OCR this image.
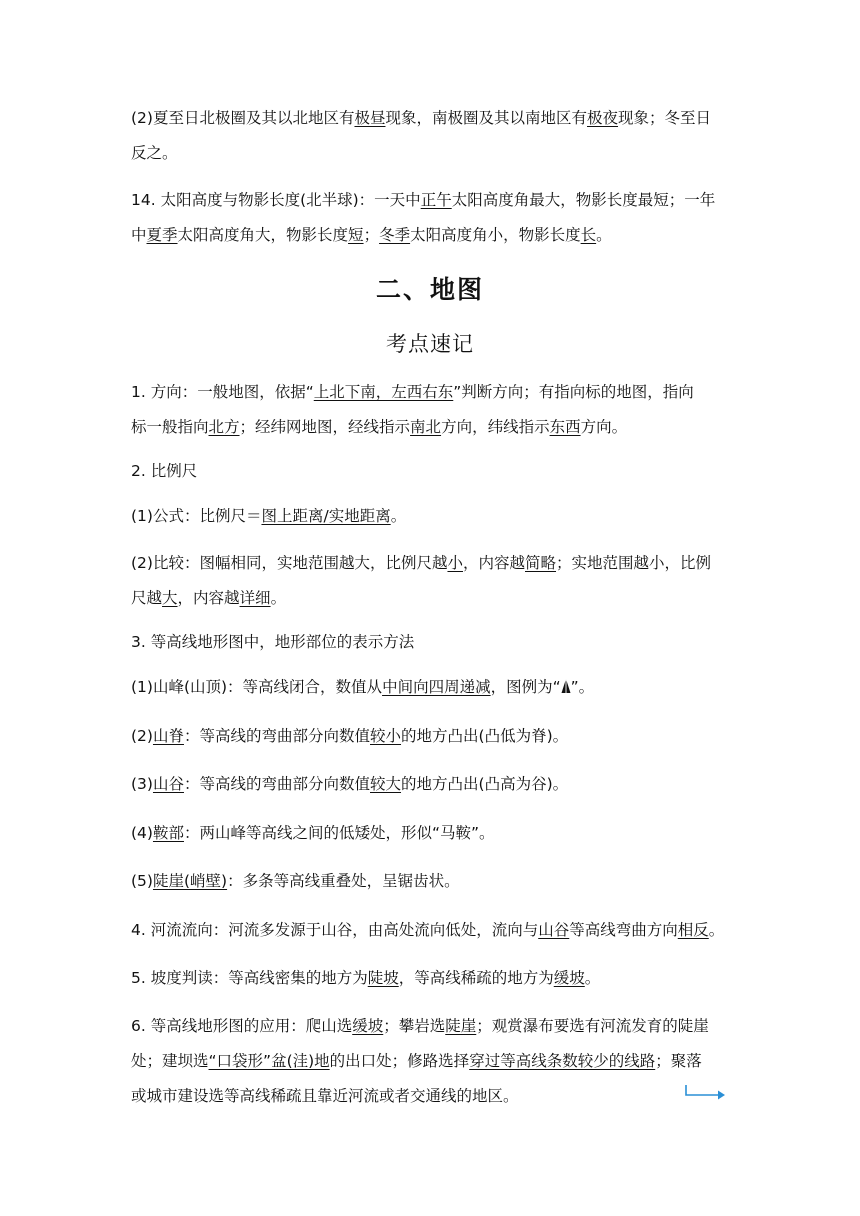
(2)夏至日北极圈及其以北地区有极昼现象，南极圈及其以南地区有极夜现象；冬至日
反之。
14. 太阳高度与物影长度(北半球)：一天中正午太阳高度角最大，物影长度最短；一年
中夏季太阳高度角大，物影长度短；冬季太阳高度角小，物影长度长。
二、地图
考点速记
1. 方向：一般地图，依据“上北下南，左西右东”判断方向；有指向标的地图，指向
标一般指向北方；经纬网地图，经线指示南北方向，纬线指示东西方向。
2. 比例尺
(1)公式：比例尺＝图上距离/实地距离。
(2)比较：图幅相同，实地范围越大，比例尺越小，内容越简略；实地范围越小，比例
尺越大，内容越详细。
3. 等高线地形图中，地形部位的表示方法
(1)山峰(山顶)：等高线闭合，数值从中间向四周递减，图例为“ ”。
(2)山脊：等高线的弯曲部分向数值较小的地方凸出(凸低为脊)。
(3)山谷：等高线的弯曲部分向数值较大的地方凸出(凸高为谷)。
(4)鞍部：两山峰等高线之间的低矮处，形似“马鞍”。
(5)陡崖(峭壁)：多条等高线重叠处，呈锯齿状。
4. 河流流向：河流多发源于山谷，由高处流向低处，流向与山谷等高线弯曲方向相反。
5. 坡度判读：等高线密集的地方为陡坡，等高线稀疏的地方为缓坡。
6. 等高线地形图的应用：爬山选缓坡；攀岩选陡崖；观赏瀑布要选有河流发育的陡崖
处；建坝选“口袋形”盆(洼)地的出口处；修路选择穿过等高线条数较少的线路；聚落
或城市建设选等高线稀疏且靠近河流或者交通线的地区。
